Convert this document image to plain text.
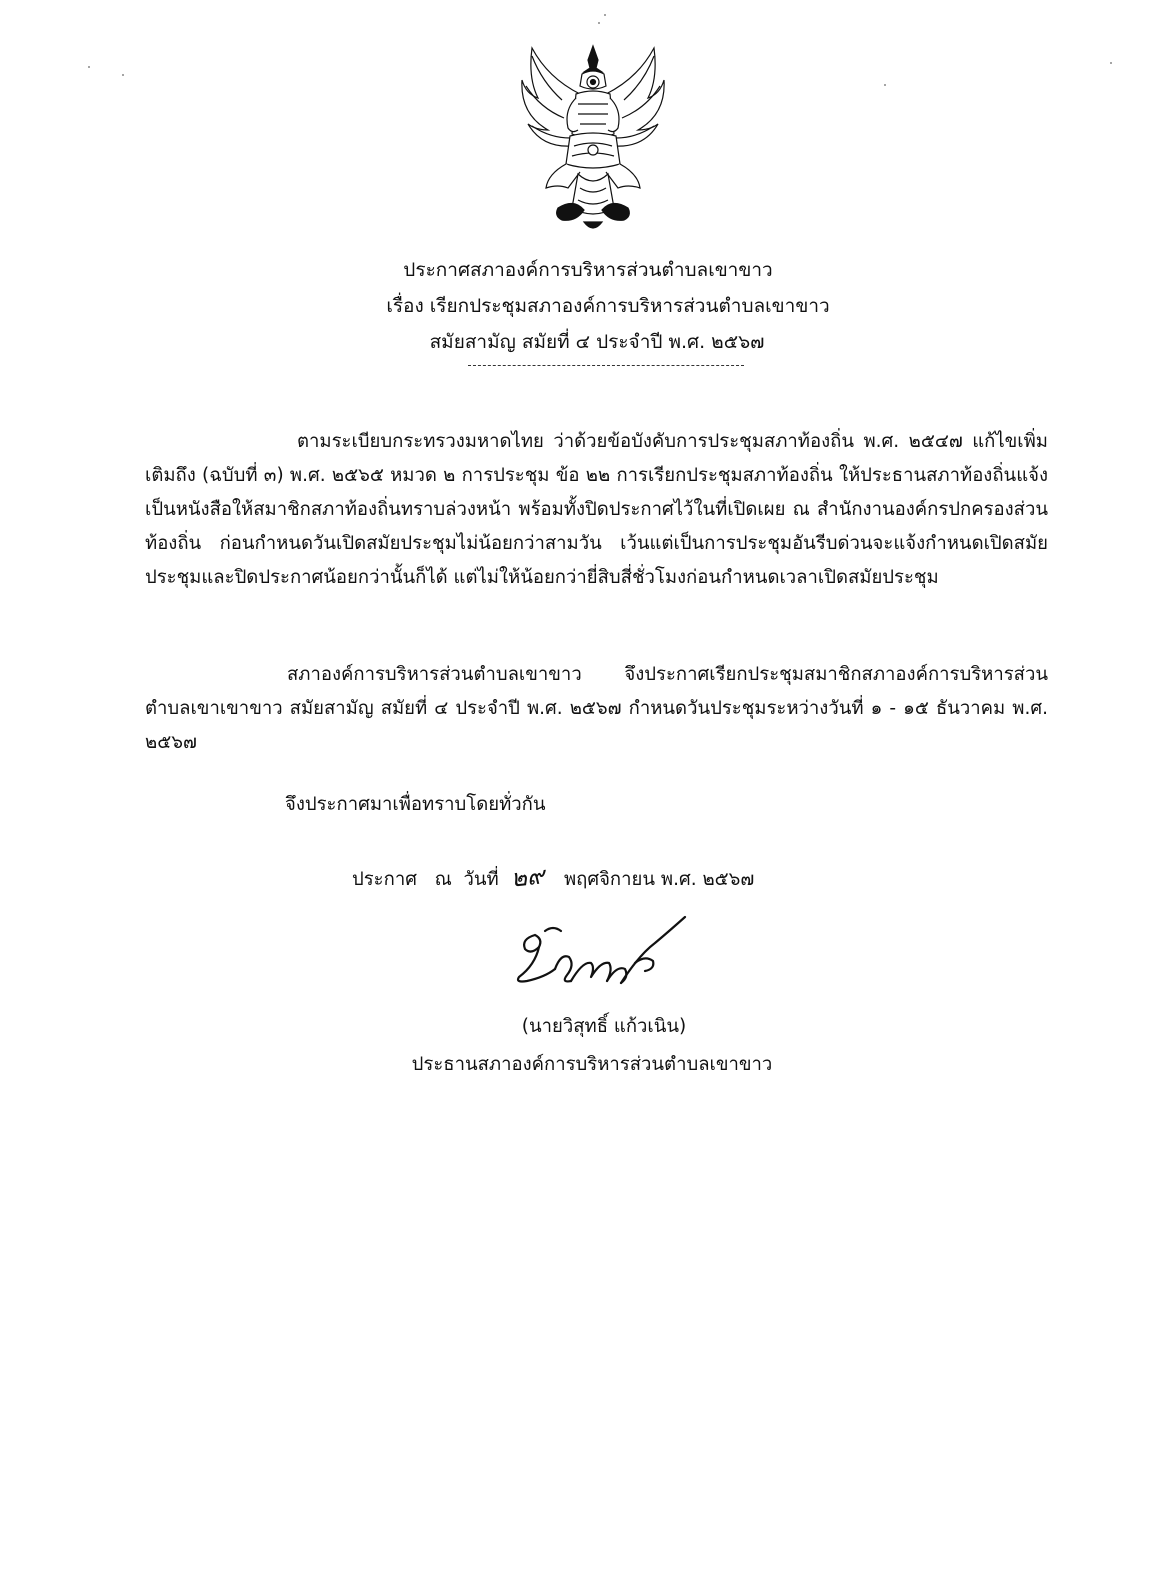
ประกาศสภาองค์การบริหารส่วนตำบลเขาขาว
เรื่อง เรียกประชุมสภาองค์การบริหารส่วนตำบลเขาขาว
สมัยสามัญ สมัยที่ ๔ ประจำปี พ.ศ. ๒๕๖๗
ตามระเบียบกระทรวงมหาดไทย ว่าด้วยข้อบังคับการประชุมสภาท้องถิ่น พ.ศ. ๒๕๔๗ แก้ไขเพิ่มเติมถึง (ฉบับที่ ๓) พ.ศ. ๒๕๖๕ หมวด ๒ การประชุม ข้อ ๒๒ การเรียกประชุมสภาท้องถิ่น ให้ประธานสภาท้องถิ่นแจ้งเป็นหนังสือให้สมาชิกสภาท้องถิ่นทราบล่วงหน้า พร้อมทั้งปิดประกาศไว้ในที่เปิดเผย ณ สำนักงานองค์กรปกครองส่วนท้องถิ่น ก่อนกำหนดวันเปิดสมัยประชุมไม่น้อยกว่าสามวัน เว้นแต่เป็นการประชุมอันรีบด่วนจะแจ้งกำหนดเปิดสมัยประชุมและปิดประกาศน้อยกว่านั้นก็ได้ แต่ไม่ให้น้อยกว่ายี่สิบสี่ชั่วโมงก่อนกำหนดเวลาเปิดสมัยประชุม
สภาองค์การบริหารส่วนตำบลเขาขาว จึงประกาศเรียกประชุมสมาชิกสภาองค์การบริหารส่วนตำบลเขาเขาขาว สมัยสามัญ สมัยที่ ๔ ประจำปี พ.ศ. ๒๕๖๗ กำหนดวันประชุมระหว่างวันที่ ๑ - ๑๕ ธันวาคม พ.ศ. ๒๕๖๗
จึงประกาศมาเพื่อทราบโดยทั่วกัน
ประกาศ   ณ  วันที่ ๒๙ พฤศจิกายน พ.ศ. ๒๕๖๗
(นายวิสุทธิ์ แก้วเนิน)
ประธานสภาองค์การบริหารส่วนตำบลเขาขาว
